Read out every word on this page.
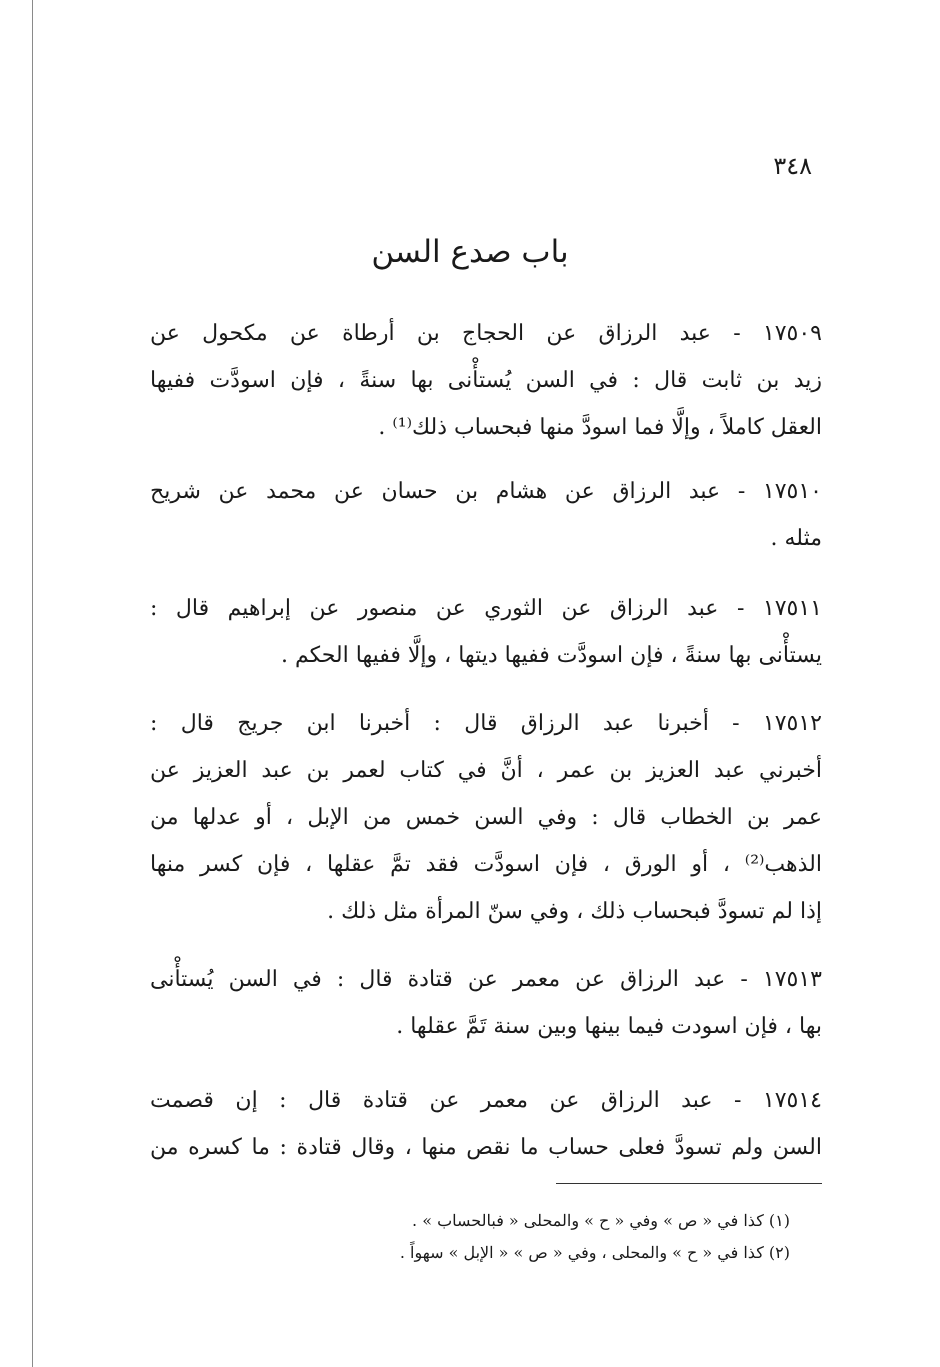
٣٤٨
باب صدع السن
١٧٥٠٩ - عبد الرزاق عن الحجاج بن أرطاة عن مكحول عن
زيد بن ثابت قال : في السن يُستأْنى بها سنةً ، فإن اسودَّت ففيها
العقل كاملاً ، وإلَّا فما اسودَّ منها فبحساب ذلك⁽¹⁾ .
١٧٥١٠ - عبد الرزاق عن هشام بن حسان عن محمد عن شريح
مثله .
١٧٥١١ - عبد الرزاق عن الثوري عن منصور عن إبراهيم قال :
يستأْنى بها سنةً ، فإن اسودَّت ففيها ديتها ، وإلَّا ففيها الحكم .
١٧٥١٢ - أخبرنا عبد الرزاق قال : أخبرنا ابن جريج قال :
أخبرني عبد العزيز بن عمر ، أنَّ في كتاب لعمر بن عبد العزيز عن
عمر بن الخطاب قال : وفي السن خمس من الإبل ، أو عدلها من
الذهب⁽²⁾ ، أو الورق ، فإن اسودَّت فقد تمَّ عقلها ، فإن كسر منها
إذا لم تسودَّ فبحساب ذلك ، وفي سنّ المرأة مثل ذلك .
١٧٥١٣ - عبد الرزاق عن معمر عن قتادة قال : في السن يُستأْنى
بها ، فإن اسودت فيما بينها وبين سنة تَمَّ عقلها .
١٧٥١٤ - عبد الرزاق عن معمر عن قتادة قال : إن قصمت
السن ولم تسودَّ فعلى حساب ما نقص منها ، وقال قتادة : ما كسره من
(١) كذا في « ص » وفي « ح » والمحلى « فبالحساب » .
(٢) كذا في « ح » والمحلى ، وفي « ص » « الإبل » سهواً .
